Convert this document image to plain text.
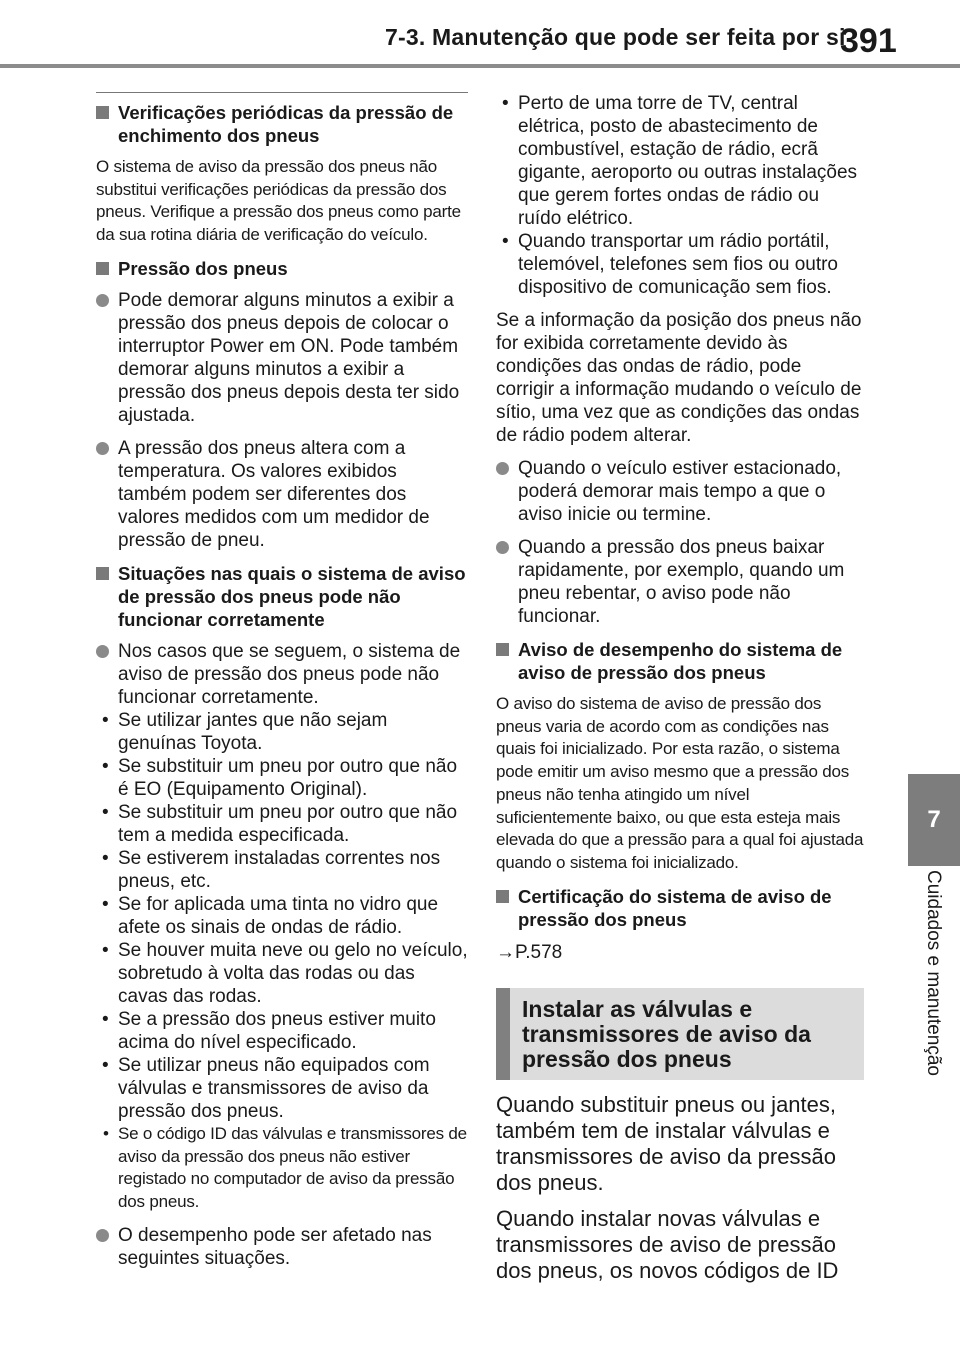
7-3. Manutenção que pode ser feita por si
391
7
Cuidados e manutenção
Verificações periódicas da pressão de enchimento dos pneus
O sistema de aviso da pressão dos pneus não substitui verificações periódicas da pressão dos pneus. Verifique a pressão dos pneus como parte da sua rotina diária de verificação do veículo.
Pressão dos pneus
Pode demorar alguns minutos a exibir a pressão dos pneus depois de colocar o interruptor Power em ON. Pode também demorar alguns minutos a exibir a pressão dos pneus depois desta ter sido ajustada.
A pressão dos pneus altera com a temperatura. Os valores exibidos também podem ser diferentes dos valores medidos com um medidor de pressão de pneu.
Situações nas quais o sistema de aviso de pressão dos pneus pode não funcionar corretamente
Nos casos que se seguem, o sistema de aviso de pressão dos pneus pode não funcionar corretamente.
• Se utilizar jantes que não sejam genuínas Toyota.
• Se substituir um pneu por outro que não é EO (Equipamento Original).
• Se substituir um pneu por outro que não tem a medida especificada.
• Se estiverem instaladas correntes nos pneus, etc.
• Se for aplicada uma tinta no vidro que afete os sinais de ondas de rádio.
• Se houver muita neve ou gelo no veículo, sobretudo à volta das rodas ou das cavas das rodas.
• Se a pressão dos pneus estiver muito acima do nível especificado.
• Se utilizar pneus não equipados com válvulas e transmissores de aviso da pressão dos pneus.
• Se o código ID das válvulas e transmissores de aviso da pressão dos pneus não estiver registado no computador de aviso da pressão dos pneus.
O desempenho pode ser afetado nas seguintes situações.
• Perto de uma torre de TV, central elétrica, posto de abastecimento de combustível, estação de rádio, ecrã gigante, aeroporto ou outras instalações que gerem fortes ondas de rádio ou ruído elétrico.
• Quando transportar um rádio portátil, telemóvel, telefones sem fios ou outro dispositivo de comunicação sem fios.
Se a informação da posição dos pneus não for exibida corretamente devido às condições das ondas de rádio, pode corrigir a informação mudando o veículo de sítio, uma vez que as condições das ondas de rádio podem alterar.
Quando o veículo estiver estacionado, poderá demorar mais tempo a que o aviso inicie ou termine.
Quando a pressão dos pneus baixar rapidamente, por exemplo, quando um pneu rebentar, o aviso pode não funcionar.
Aviso de desempenho do sistema de aviso de pressão dos pneus
O aviso do sistema de aviso de pressão dos pneus varia de acordo com as condições nas quais foi inicializado. Por esta razão, o sistema pode emitir um aviso mesmo que a pressão dos pneus não tenha atingido um nível suficientemente baixo, ou que esta esteja mais elevada do que a pressão para a qual foi ajustada quando o sistema foi inicializado.
Certificação do sistema de aviso de pressão dos pneus
→P.578
Instalar as válvulas e transmissores de aviso da pressão dos pneus
Quando substituir pneus ou jantes, também tem de instalar válvulas e transmissores de aviso da pressão dos pneus.
Quando instalar novas válvulas e transmissores de aviso de pressão dos pneus, os novos códigos de ID
